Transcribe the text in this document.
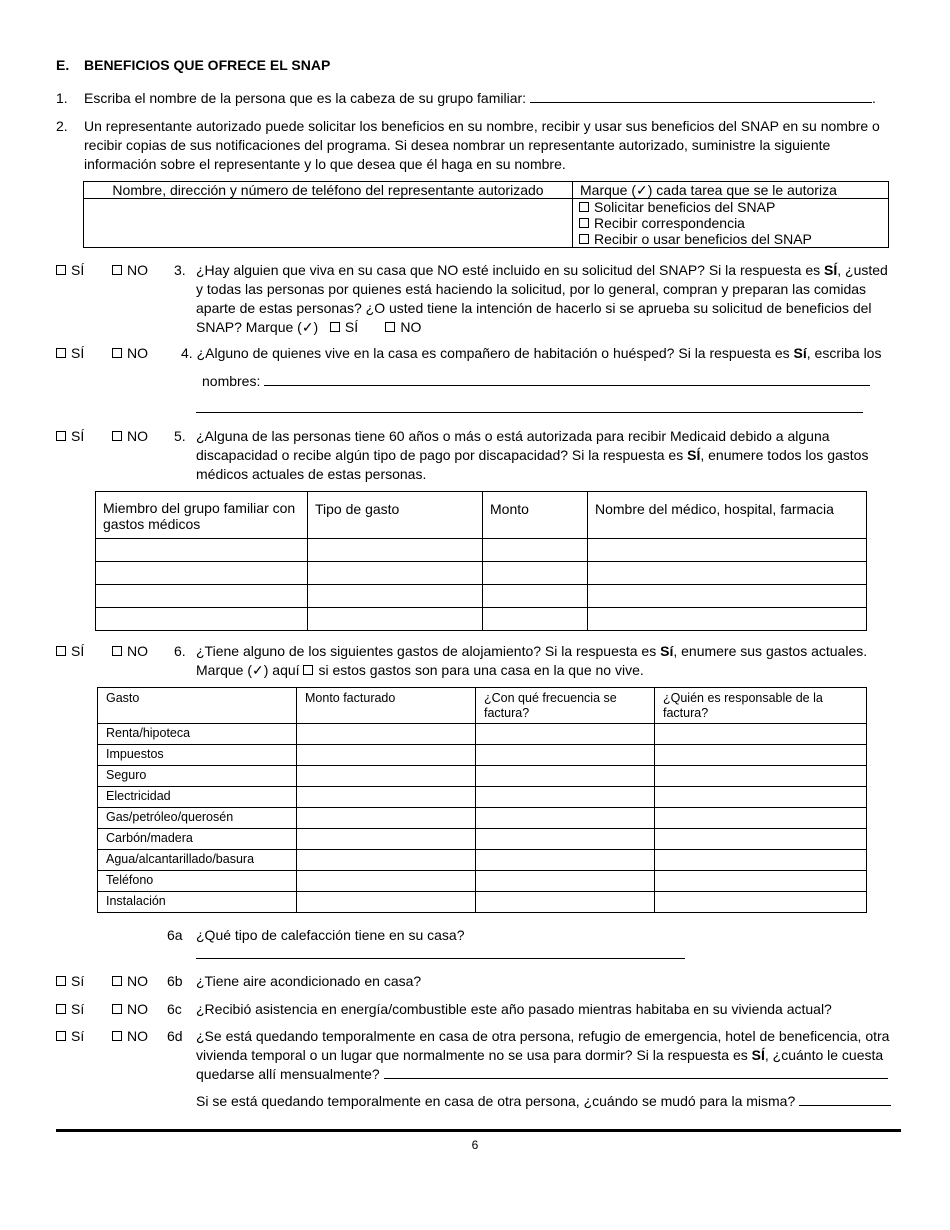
E. BENEFICIOS QUE OFRECE EL SNAP
1. Escriba el nombre de la persona que es la cabeza de su grupo familiar:	.
2. Un representante autorizado puede solicitar los beneficios en su nombre, recibir y usar sus beneficios del SNAP en su nombre o
recibir copias de sus notificaciones del programa. Si desea nombrar un representante autorizado, suministre la siguiente
información sobre el representante y lo que desea que él haga en su nombre.
Nombre, dirección y número de teléfono del representante autorizado	Marque (✓) cada tarea que se le autoriza

	Solicitar beneficios del SNAP
Recibir correspondencia
Recibir o usar beneficios del SNAP
SÍ	NO 3. ¿Hay alguien que viva en su casa que NO esté incluido en su solicitud del SNAP? Si la respuesta es SÍ, ¿usted
y todas las personas por quienes está haciendo la solicitud, por lo general, compran y preparan las comidas
aparte de estas personas? ¿O usted tiene la intención de hacerlo si se aprueba su solicitud de beneficios del
SNAP? Marque (✓) SÍ	NO
SÍ	NO 4. ¿Alguno de quienes vive en la casa es compañero de habitación o huésped? Si la respuesta es Sí, escriba los
nombres:
SÍ	NO 5. ¿Alguna de las personas tiene 60 años o más o está autorizada para recibir Medicaid debido a alguna
discapacidad o recibe algún tipo de pago por discapacidad? Si la respuesta es SÍ, enumere todos los gastos
médicos actuales de estas personas.
Miembro del grupo familiar con gastos médicos	Tipo de gasto	Monto	Nombre del médico, hospital, farmacia

SÍ	NO 6. ¿Tiene alguno de los siguientes gastos de alojamiento? Si la respuesta es Sí, enumere sus gastos actuales.
Marque (✓) aquí si estos gastos son para una casa en la que no vive.
Gasto	Monto facturado	¿Con qué frecuencia se factura?	¿Quién es responsable de la factura?
Renta/hipoteca			
Impuestos			
Seguro			
Electricidad			
Gas/petróleo/querosén			
Carbón/madera			
Agua/alcantarillado/basura			
Teléfono			
Instalación			
6a ¿Qué tipo de calefacción tiene en su casa?
Sí	NO 6b ¿Tiene aire acondicionado en casa?
Sí	NO 6c ¿Recibió asistencia en energía/combustible este año pasado mientras habitaba en su vivienda actual?
Sí	NO 6d ¿Se está quedando temporalmente en casa de otra persona, refugio de emergencia, hotel de beneficencia, otra
vivienda temporal o un lugar que normalmente no se usa para dormir? Si la respuesta es SÍ, ¿cuánto le cuesta
quedarse allí mensualmente?
Si se está quedando temporalmente en casa de otra persona, ¿cuándo se mudó para la misma?
6
